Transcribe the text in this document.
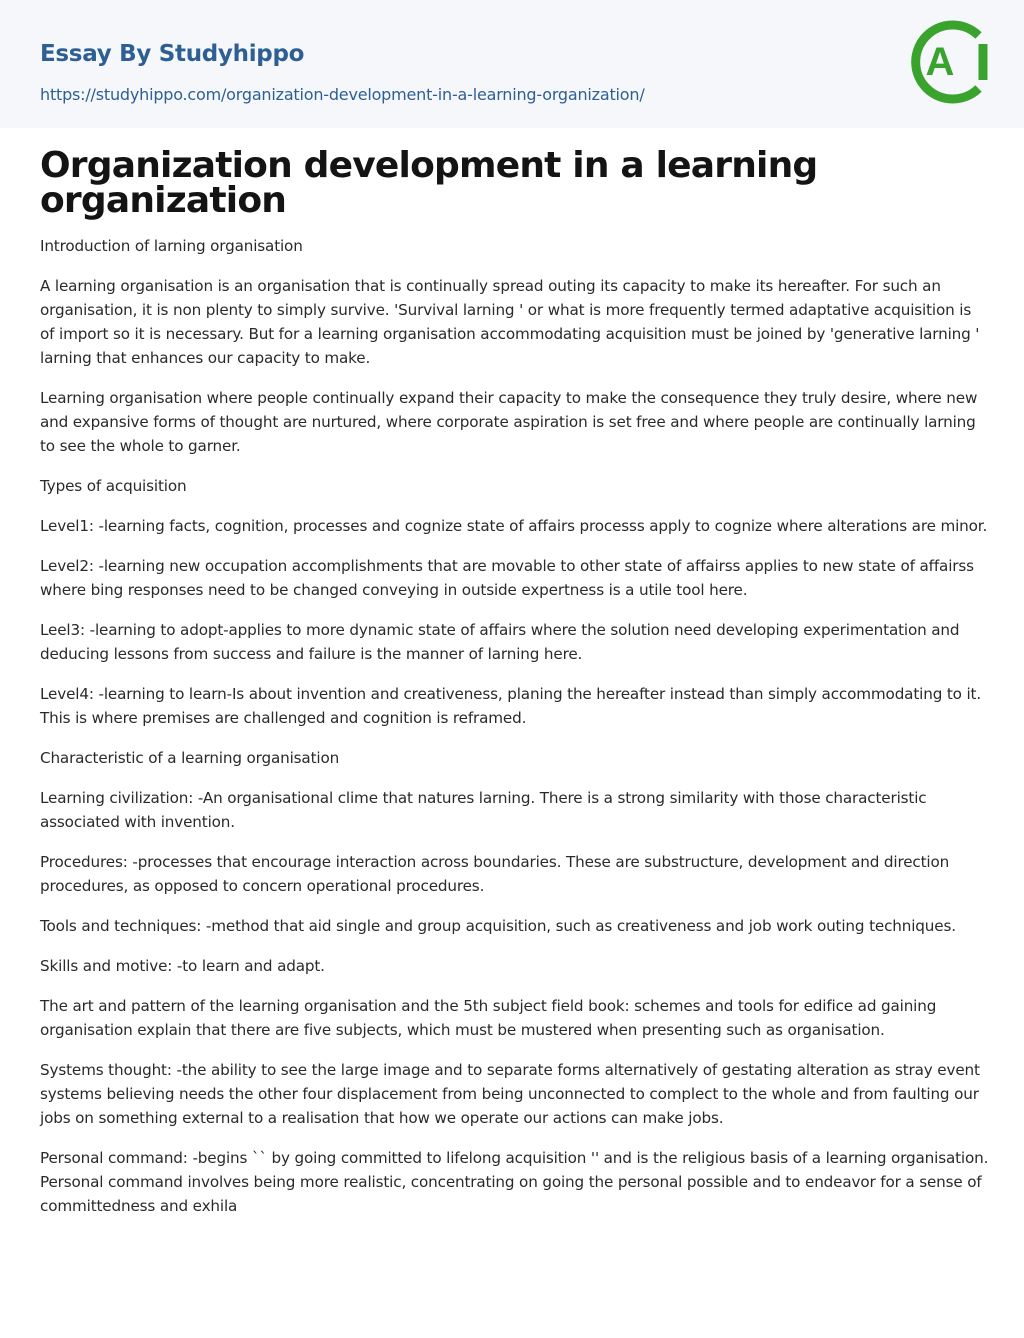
Essay By Studyhippo
https://studyhippo.com/organization-development-in-a-learning-organization/
A
Organization development in a learning organization

Introduction of larning organisation

A learning organisation is an organisation that is continually spread outing its capacity to make its hereafter. For such an organisation, it is non plenty to simply survive. 'Survival larning ' or what is more frequently termed adaptative acquisition is of import so it is necessary. But for a learning organisation accommodating acquisition must be joined by 'generative larning ' larning that enhances our capacity to make.

Learning organisation where people continually expand their capacity to make the consequence they truly desire, where new and expansive forms of thought are nurtured, where corporate aspiration is set free and where people are continually larning to see the whole to garner.

Types of acquisition

Level1: -learning facts, cognition, processes and cognize state of affairs processs apply to cognize where alterations are minor.

Level2: -learning new occupation accomplishments that are movable to other state of affairss applies to new state of affairss where bing responses need to be changed conveying in outside expertness is a utile tool here.

Leel3: -learning to adopt-applies to more dynamic state of affairs where the solution need developing experimentation and deducing lessons from success and failure is the manner of larning here.

Level4: -learning to learn-Is about invention and creativeness, planing the hereafter instead than simply accommodating to it. This is where premises are challenged and cognition is reframed.

Characteristic of a learning organisation

Learning civilization: -An organisational clime that natures larning. There is a strong similarity with those characteristic associated with invention.

Procedures: -processes that encourage interaction across boundaries. These are substructure, development and direction procedures, as opposed to concern operational procedures.

Tools and techniques: -method that aid single and group acquisition, such as creativeness and job work outing techniques.

Skills and motive: -to learn and adapt.

The art and pattern of the learning organisation and the 5th subject field book: schemes and tools for edifice ad gaining organisation explain that there are five subjects, which must be mustered when presenting such as organisation.

Systems thought: -the ability to see the large image and to separate forms alternatively of gestating alteration as stray event systems believing needs the other four displacement from being unconnected to complect to the whole and from faulting our jobs on something external to a realisation that how we operate our actions can make jobs.

Personal command: -begins `` by going committed to lifelong acquisition '' and is the religious basis of a learning organisation. Personal command involves being more realistic, concentrating on going the personal possible and to endeavor for a sense of committedness and exhila
